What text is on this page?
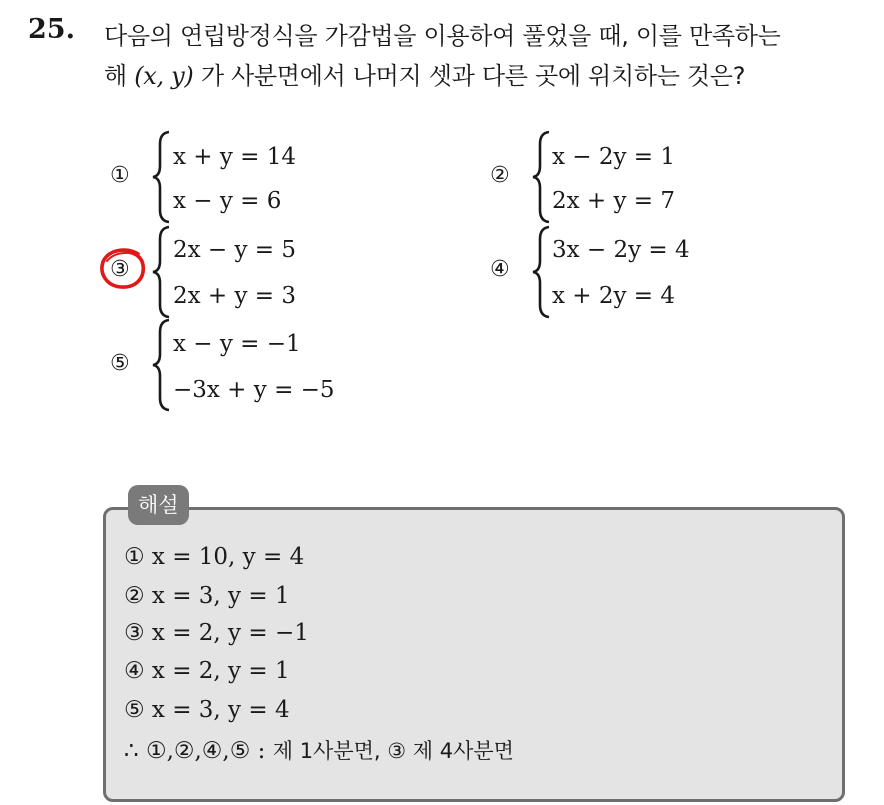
25. 다음의 연립방정식을 가감법을 이용하여 풀었을 때, 이를 만족하는
해 (x, y) 가 사분면에서 나머지 셋과 다른 곳에 위치하는 것은?
①
x + y = 14
x − y = 6
②
x − 2y = 1
2x + y = 7
③
2x − y = 5
2x + y = 3
④
3x − 2y = 4
x + 2y = 4
⑤
x − y = −1
−3x + y = −5
해설
① x = 10, y = 4
② x = 3, y = 1
③ x = 2, y = −1
④ x = 2, y = 1
⑤ x = 3, y = 4
∴ ①,②,④,⑤ : 제 1사분면, ③ 제 4사분면
